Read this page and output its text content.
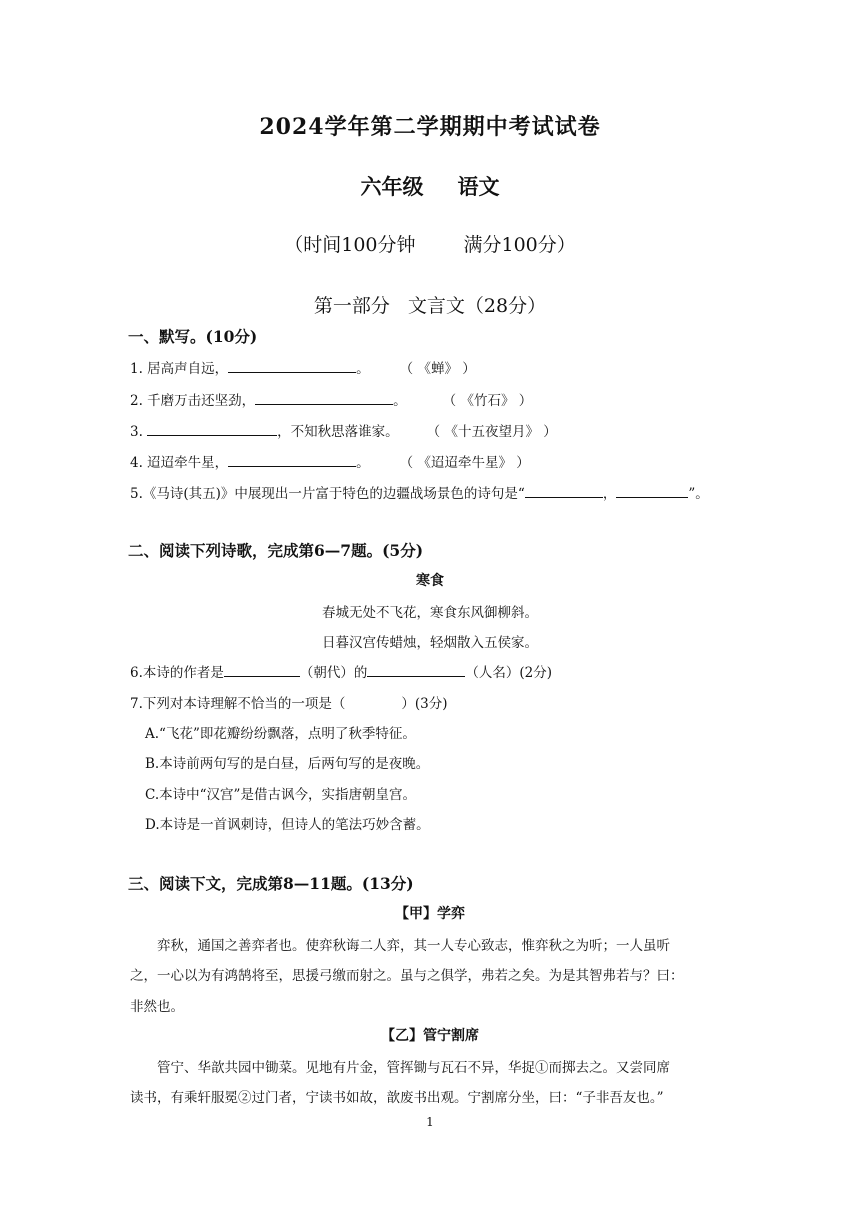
2024学年第二学期期中考试试卷
六年级 语文
（时间100分钟	满分100分）
第一部分 文言文（28分）
一、默写。(10分)
1. 居高声自远，	。 （ 《蝉》 ）
2. 千磨万击还坚劲，	。	（ 《竹石》 ）
3.	，不知秋思落谁家。 （ 《十五夜望月》 ）
4. 迢迢牵牛星，	。 （ 《迢迢牵牛星》 ）
5.《马诗(其五)》中展现出一片富于特色的边疆战场景色的诗句是“	，	”。
二、阅读下列诗歌，完成第6—7题。(5分)
寒食
春城无处不飞花，寒食东风御柳斜。
日暮汉宫传蜡烛，轻烟散入五侯家。
6.本诗的作者是	（朝代）的	（人名）(2分)
7.下列对本诗理解不恰当的一项是（	）(3分)
A.“飞花”即花瓣纷纷飘落，点明了秋季特征。
B.本诗前两句写的是白昼，后两句写的是夜晚。
C.本诗中“汉宫”是借古讽今，实指唐朝皇宫。
D.本诗是一首讽刺诗，但诗人的笔法巧妙含蓄。
三、阅读下文，完成第8—11题。(13分)
【甲】学弈
弈秋，通国之善弈者也。使弈秋诲二人弈，其一人专心致志，惟弈秋之为听；一人虽听
之，一心以为有鸿鹄将至，思援弓缴而射之。虽与之俱学，弗若之矣。为是其智弗若与？曰：
非然也。
【乙】管宁割席
管宁、华歆共园中锄菜。见地有片金，管挥锄与瓦石不异，华捉①而掷去之。又尝同席
读书，有乘轩服冕②过门者，宁读书如故，歆废书出观。宁割席分坐，曰：“子非吾友也。”
1
